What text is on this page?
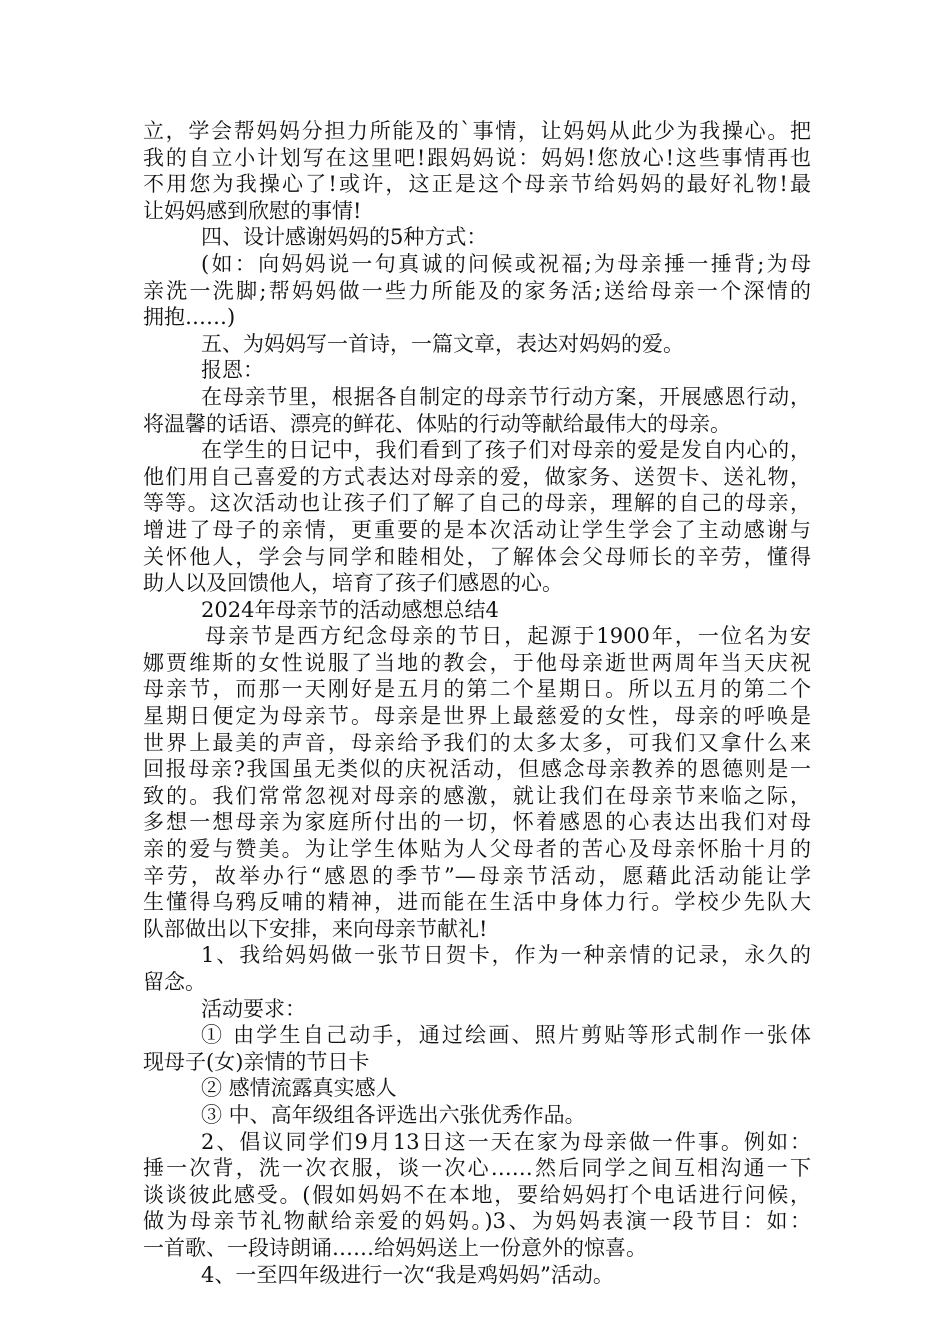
立，学会帮妈妈分担力所能及的`事情，让妈妈从此少为我操心。把
我的自立小计划写在这里吧!跟妈妈说：妈妈!您放心!这些事情再也
不用您为我操心了!或许，这正是这个母亲节给妈妈的最好礼物!最
让妈妈感到欣慰的事情!
四、设计感谢妈妈的5种方式：
(如：向妈妈说一句真诚的问候或祝福;为母亲捶一捶背;为母
亲洗一洗脚;帮妈妈做一些力所能及的家务活;送给母亲一个深情的
拥抱……)
五、为妈妈写一首诗，一篇文章，表达对妈妈的爱。
报恩：
在母亲节里，根据各自制定的母亲节行动方案，开展感恩行动，
将温馨的话语、漂亮的鲜花、体贴的行动等献给最伟大的母亲。
在学生的日记中，我们看到了孩子们对母亲的爱是发自内心的，
他们用自己喜爱的方式表达对母亲的爱，做家务、送贺卡、送礼物，
等等。这次活动也让孩子们了解了自己的母亲，理解的自己的母亲，
增进了母子的亲情，更重要的是本次活动让学生学会了主动感谢与
关怀他人，学会与同学和睦相处，了解体会父母师长的辛劳，懂得
助人以及回馈他人，培育了孩子们感恩的心。
2024年母亲节的活动感想总结4
母亲节是西方纪念母亲的节日，起源于1900年，一位名为安
娜贾维斯的女性说服了当地的教会，于他母亲逝世两周年当天庆祝
母亲节，而那一天刚好是五月的第二个星期日。所以五月的第二个
星期日便定为母亲节。母亲是世界上最慈爱的女性，母亲的呼唤是
世界上最美的声音，母亲给予我们的太多太多，可我们又拿什么来
回报母亲?我国虽无类似的庆祝活动，但感念母亲教养的恩德则是一
致的。我们常常忽视对母亲的感激，就让我们在母亲节来临之际，
多想一想母亲为家庭所付出的一切，怀着感恩的心表达出我们对母
亲的爱与赞美。为让学生体贴为人父母者的苦心及母亲怀胎十月的
辛劳，故举办行“感恩的季节”—母亲节活动，愿藉此活动能让学
生懂得乌鸦反哺的精神，进而能在生活中身体力行。学校少先队大
队部做出以下安排，来向母亲节献礼!
1、我给妈妈做一张节日贺卡，作为一种亲情的记录，永久的
留念。
活动要求：
① 由学生自己动手，通过绘画、照片剪贴等形式制作一张体
现母子(女)亲情的节日卡
② 感情流露真实感人
③ 中、高年级组各评选出六张优秀作品。
2、倡议同学们9月13日这一天在家为母亲做一件事。例如：
捶一次背，洗一次衣服，谈一次心……然后同学之间互相沟通一下
谈谈彼此感受。(假如妈妈不在本地，要给妈妈打个电话进行问候，
做为母亲节礼物献给亲爱的妈妈。)3、为妈妈表演一段节目：如：
一首歌、一段诗朗诵……给妈妈送上一份意外的惊喜。
4、一至四年级进行一次“我是鸡妈妈”活动。
